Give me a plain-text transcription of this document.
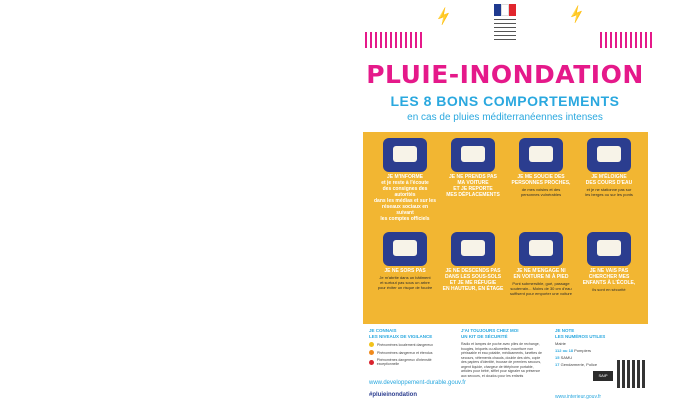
⚡	⚡
PLUIE-INONDATION
LES 8 BONS COMPORTEMENTS
en cas de pluies méditerranéennes intenses
JE M'INFORME
et je reste à l'écoute
des consignes des autorités
dans les médias et sur les
réseaux sociaux en suivant
les comptes officiels
JE NE PRENDS PAS
MA VOITURE
ET JE REPORTE
MES DÉPLACEMENTS
JE ME SOUCIE DES
PERSONNES PROCHES,
de mes voisins et des
personnes vulnérables
JE M'ÉLOIGNE
DES COURS D'EAU
et je ne stationne pas sur
les berges ou sur les ponts
JE NE SORS PAS
Je m'abrite dans un bâtiment
et surtout pas sous un arbre
pour éviter un risque de foudre
JE NE DESCENDS PAS
DANS LES SOUS-SOLS
ET JE ME RÉFUGIE
EN HAUTEUR, EN ÉTAGE
JE NE M'ENGAGE NI
EN VOITURE NI À PIED
Pont submersible, gué, passage
souterrain... Moins de 30 cm d'eau
suffisent pour emporter une voiture
JE NE VAIS PAS
CHERCHER MES
ENFANTS À L'ÉCOLE,
ils sont en sécurité
JE CONNAIS
LES NIVEAUX DE VIGILANCE
Phénomènes localement dangereux
Phénomènes dangereux et étendus
Phénomènes dangereux d'intensité exceptionnelle
J'AI TOUJOURS CHEZ MOI
UN KIT DE SÉCURITÉ

Radio et lampes de poche avec piles de rechange, bougies, briquets ou allumettes, nourriture non périssable et eau potable, médicaments, lunettes de secours, vêtements chauds, double des clés, copie des papiers d'identité, trousse de premiers secours, argent liquide, chargeur de téléphone portable, articles pour bébé, sifflet pour signaler sa présence aux secours, et doudou pour les enfants

JE NOTE
LES NUMÉROS UTILES
Mairie
112 ou 18 Pompiers
15 SAMU
17 Gendarmerie, Police
www.developpement-durable.gouv.fr
#pluieinondation	www.interieur.gouv.fr
SAIP
